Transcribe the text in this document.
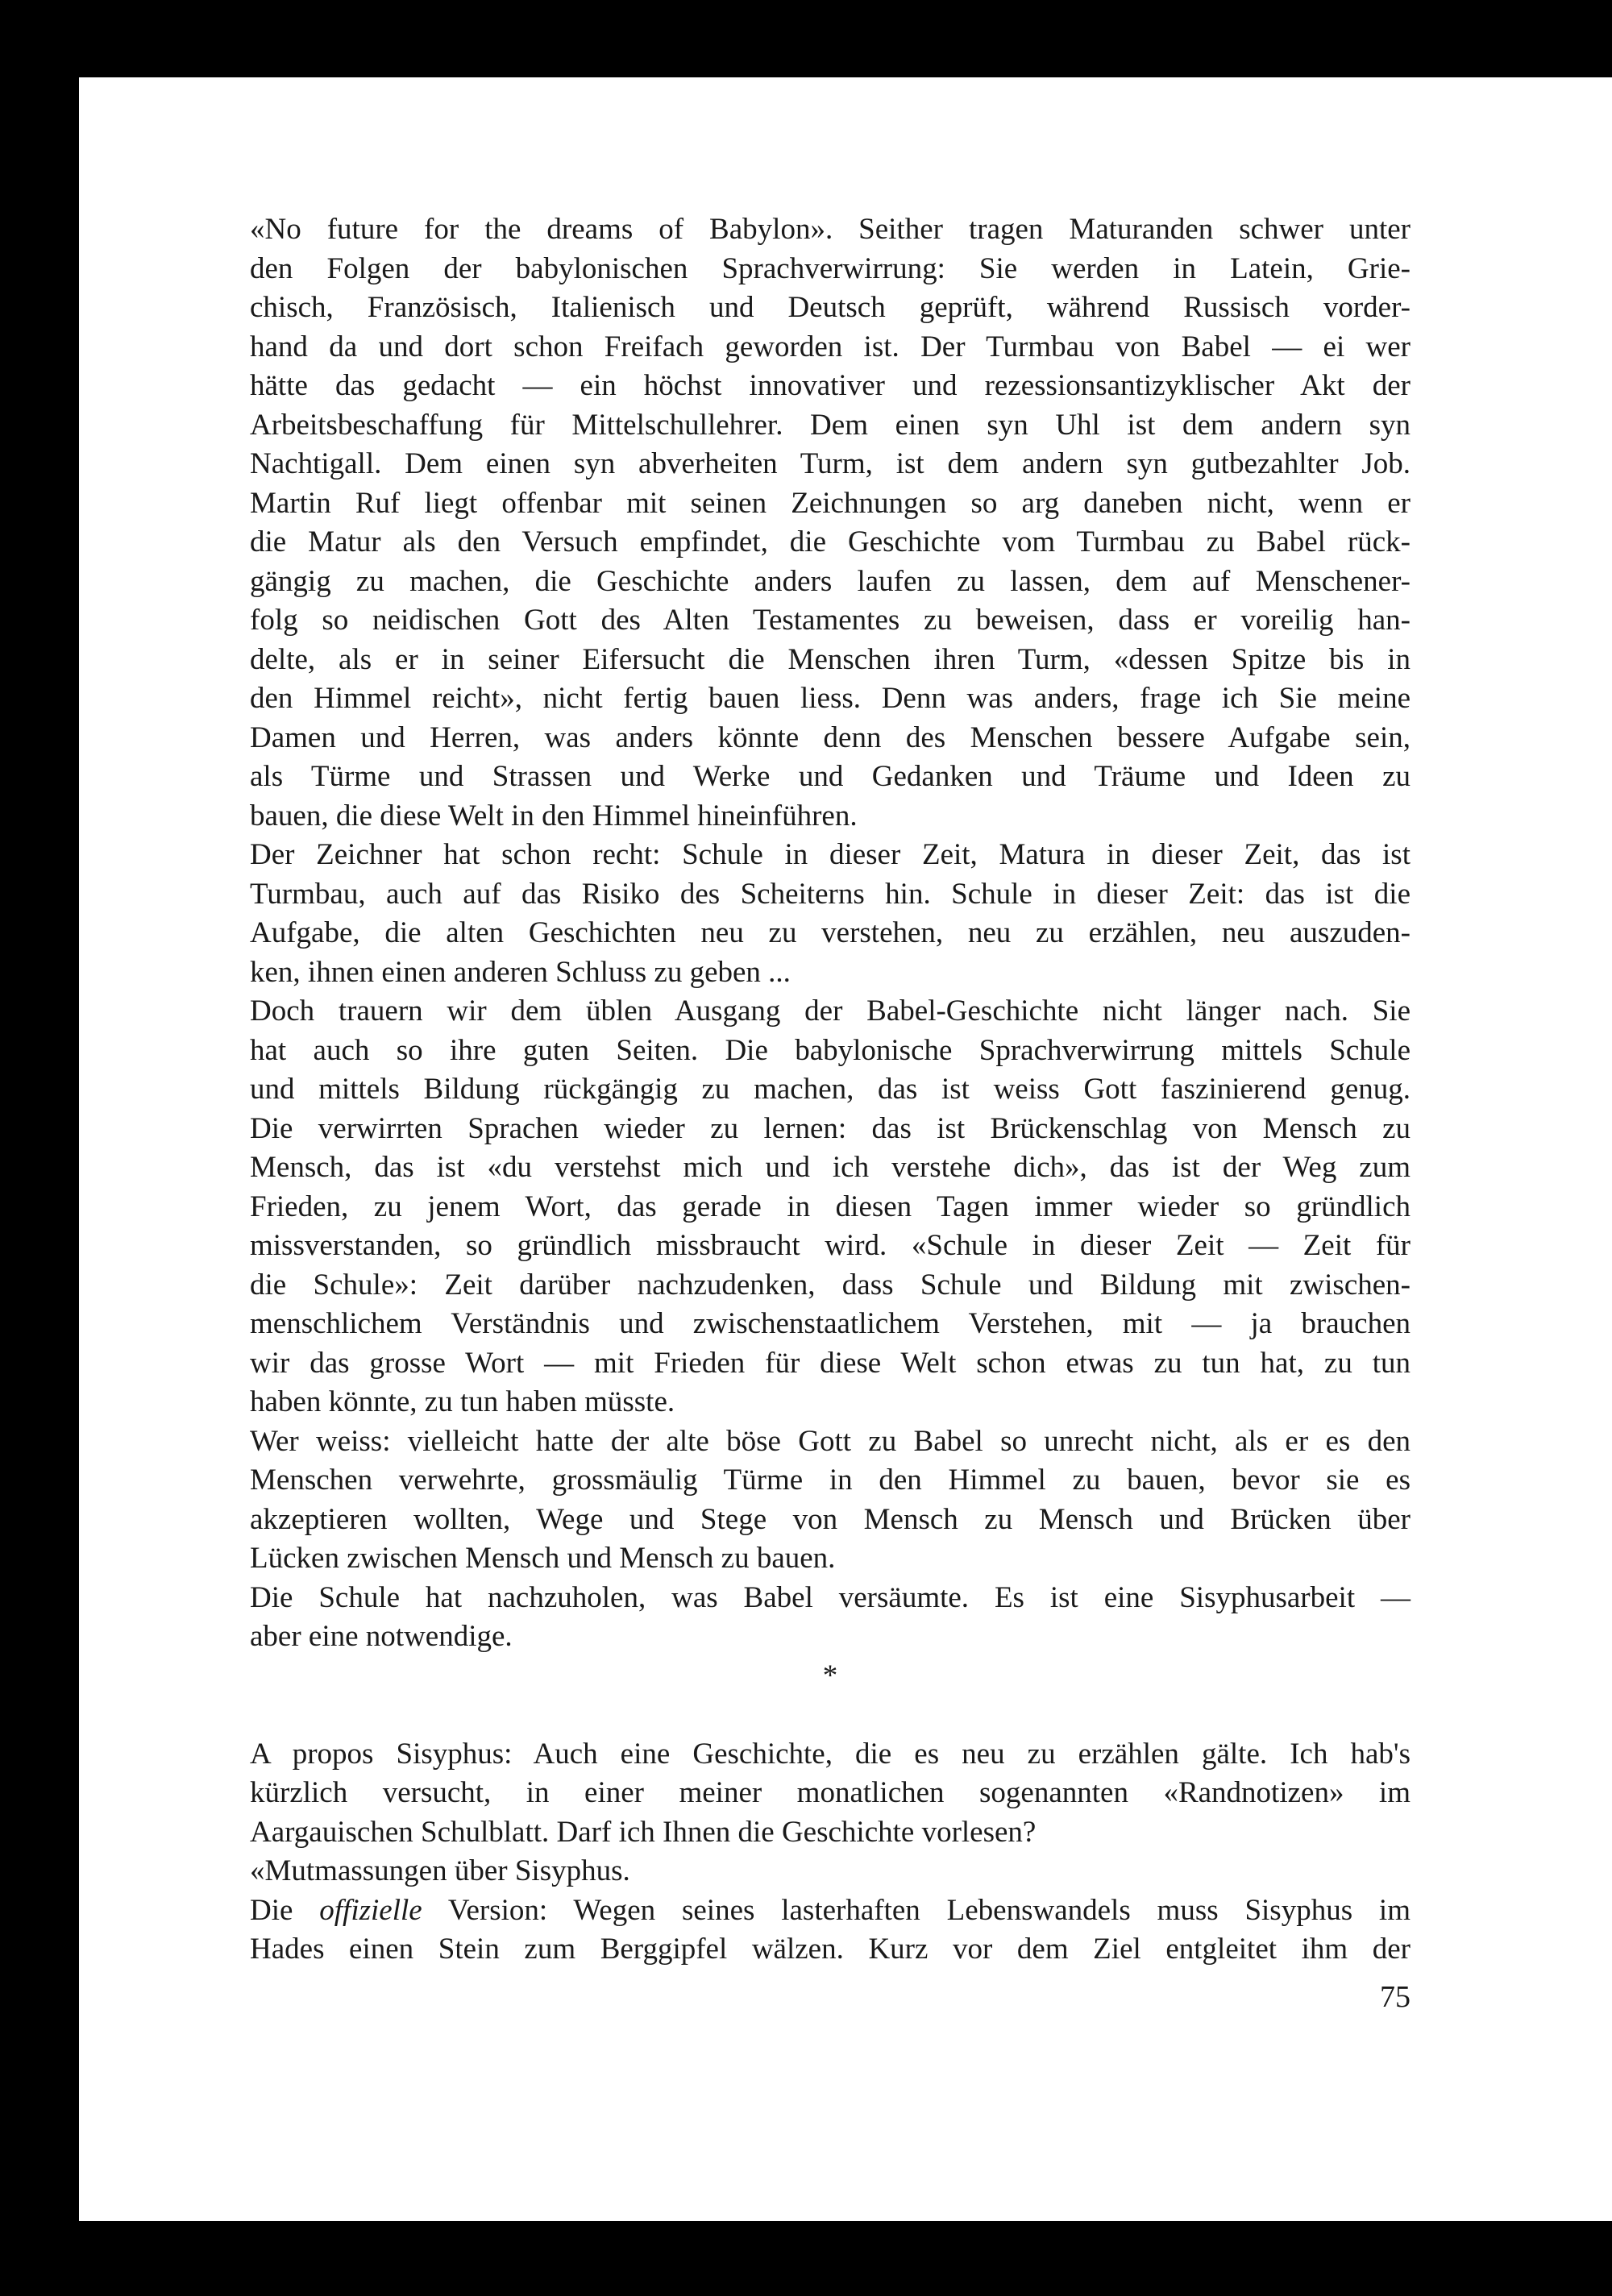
«No future for the dreams of Babylon». Seither tragen Maturanden schwer unter
den Folgen der babylonischen Sprachverwirrung: Sie werden in Latein, Grie-
chisch, Französisch, Italienisch und Deutsch geprüft, während Russisch vorder-
hand da und dort schon Freifach geworden ist. Der Turmbau von Babel — ei wer
hätte das gedacht — ein höchst innovativer und rezessionsantizyklischer Akt der
Arbeitsbeschaffung für Mittelschullehrer. Dem einen syn Uhl ist dem andern syn
Nachtigall. Dem einen syn abverheiten Turm, ist dem andern syn gutbezahlter Job.
Martin Ruf liegt offenbar mit seinen Zeichnungen so arg daneben nicht, wenn er
die Matur als den Versuch empfindet, die Geschichte vom Turmbau zu Babel rück-
gängig zu machen, die Geschichte anders laufen zu lassen, dem auf Menschener-
folg so neidischen Gott des Alten Testamentes zu beweisen, dass er voreilig han-
delte, als er in seiner Eifersucht die Menschen ihren Turm, «dessen Spitze bis in
den Himmel reicht», nicht fertig bauen liess. Denn was anders, frage ich Sie meine
Damen und Herren, was anders könnte denn des Menschen bessere Aufgabe sein,
als Türme und Strassen und Werke und Gedanken und Träume und Ideen zu
bauen, die diese Welt in den Himmel hineinführen.
Der Zeichner hat schon recht: Schule in dieser Zeit, Matura in dieser Zeit, das ist
Turmbau, auch auf das Risiko des Scheiterns hin. Schule in dieser Zeit: das ist die
Aufgabe, die alten Geschichten neu zu verstehen, neu zu erzählen, neu auszuden-
ken, ihnen einen anderen Schluss zu geben ...
Doch trauern wir dem üblen Ausgang der Babel-Geschichte nicht länger nach. Sie
hat auch so ihre guten Seiten. Die babylonische Sprachverwirrung mittels Schule
und mittels Bildung rückgängig zu machen, das ist weiss Gott faszinierend genug.
Die verwirrten Sprachen wieder zu lernen: das ist Brückenschlag von Mensch zu
Mensch, das ist «du verstehst mich und ich verstehe dich», das ist der Weg zum
Frieden, zu jenem Wort, das gerade in diesen Tagen immer wieder so gründlich
missverstanden, so gründlich missbraucht wird. «Schule in dieser Zeit — Zeit für
die Schule»: Zeit darüber nachzudenken, dass Schule und Bildung mit zwischen-
menschlichem Verständnis und zwischenstaatlichem Verstehen, mit — ja brauchen
wir das grosse Wort — mit Frieden für diese Welt schon etwas zu tun hat, zu tun
haben könnte, zu tun haben müsste.
Wer weiss: vielleicht hatte der alte böse Gott zu Babel so unrecht nicht, als er es den
Menschen verwehrte, grossmäulig Türme in den Himmel zu bauen, bevor sie es
akzeptieren wollten, Wege und Stege von Mensch zu Mensch und Brücken über
Lücken zwischen Mensch und Mensch zu bauen.
Die Schule hat nachzuholen, was Babel versäumte. Es ist eine Sisyphusarbeit —
aber eine notwendige.
*
A propos Sisyphus: Auch eine Geschichte, die es neu zu erzählen gälte. Ich hab's
kürzlich versucht, in einer meiner monatlichen sogenannten «Randnotizen» im
Aargauischen Schulblatt. Darf ich Ihnen die Geschichte vorlesen?
«Mutmassungen über Sisyphus.
Die offizielle Version: Wegen seines lasterhaften Lebenswandels muss Sisyphus im
Hades einen Stein zum Berggipfel wälzen. Kurz vor dem Ziel entgleitet ihm der
75
